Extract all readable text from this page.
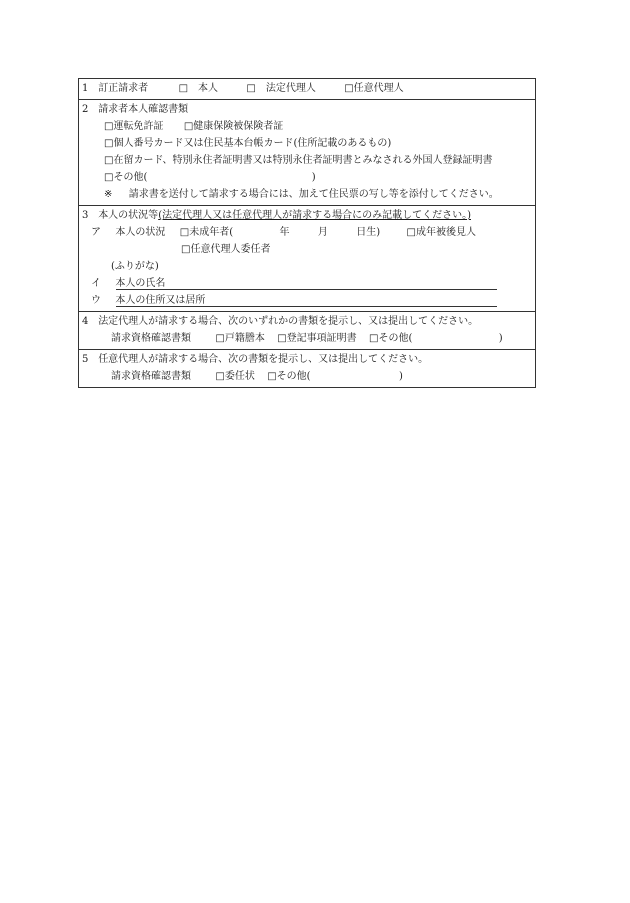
1 訂正請求者	□　本人	□　法定代理人	□任意代理人
2 請求者本人確認書類
□運転免許証 □健康保険被保険者証
□個人番号カード又は住民基本台帳カード(住所記載のあるもの)
□在留カード、特別永住者証明書又は特別永住者証明書とみなされる外国人登録証明書
□その他(	)
※ 請求書を送付して請求する場合には、加えて住民票の写し等を添付してください。
3 本人の状況等(法定代理人又は任意代理人が請求する場合にのみ記載してください。)
ア 本人の状況 □未成年者(	年	月	日生)	□成年被後見人
□任意代理人委任者
(ふりがな)
イ 本人の氏名
ウ 本人の住所又は居所
4 法定代理人が請求する場合、次のいずれかの書類を提示し、又は提出してください。
請求資格確認書類 □戸籍謄本 □登記事項証明書 □その他(	)
5 任意代理人が請求する場合、次の書類を提示し、又は提出してください。
請求資格確認書類 □委任状 □その他(	)
